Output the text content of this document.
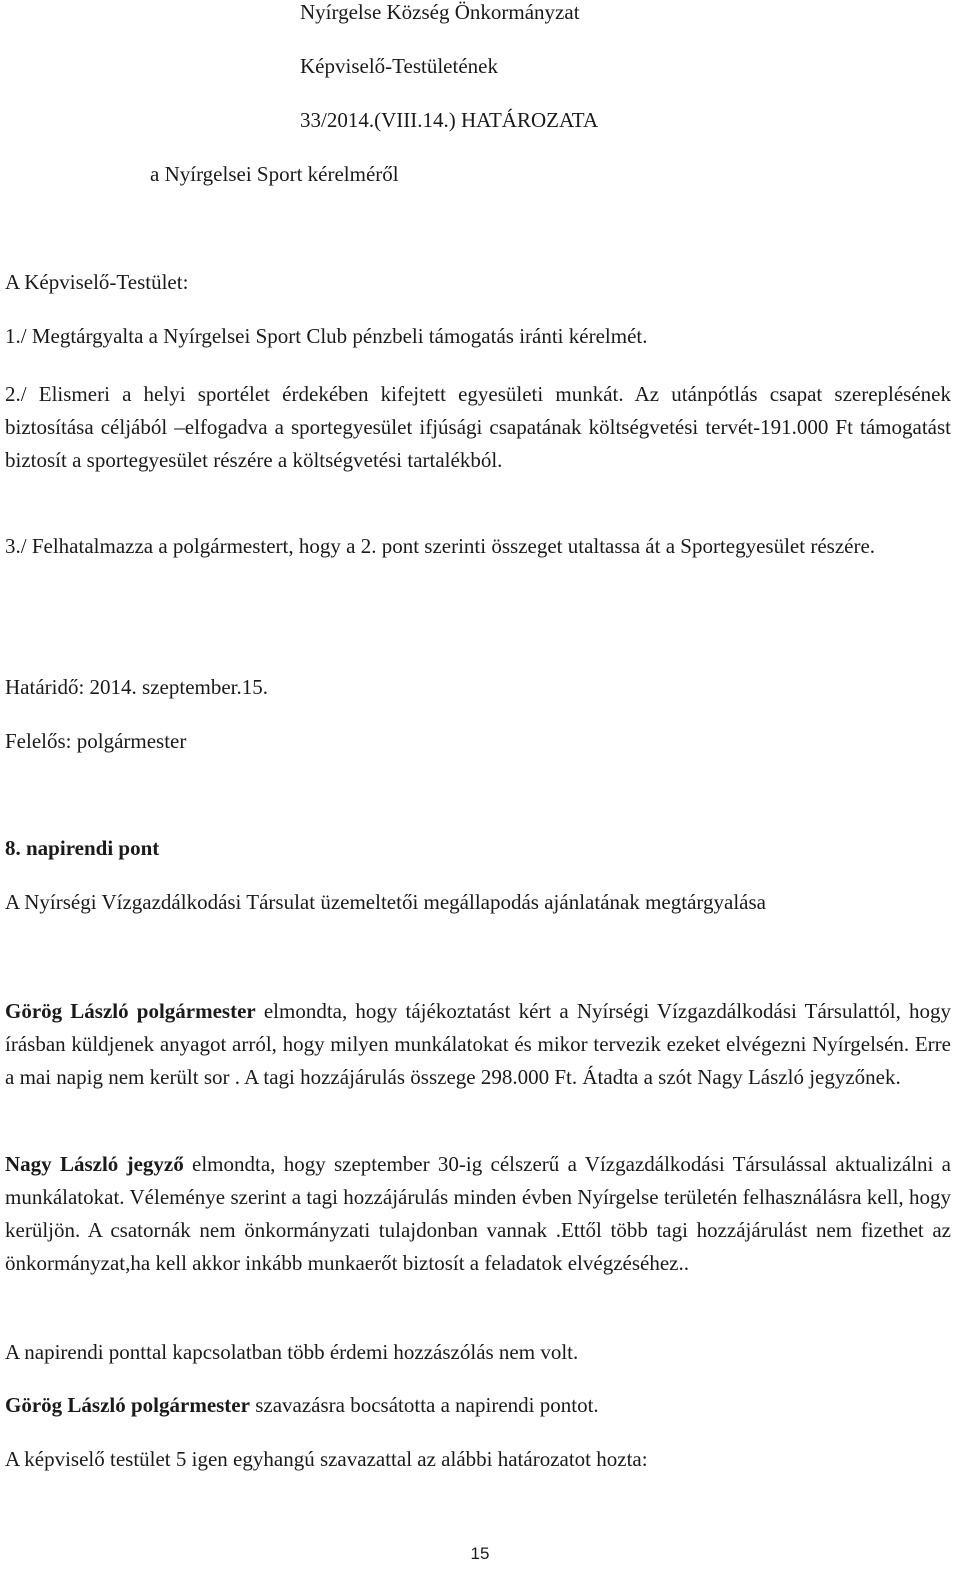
Nyírgelse Község Önkormányzat
Képviselő-Testületének
33/2014.(VIII.14.) HATÁROZATA
a Nyírgelsei Sport kérelméről
A Képviselő-Testület:
1./ Megtárgyalta a Nyírgelsei Sport Club pénzbeli támogatás iránti kérelmét.
2./ Elismeri a helyi sportélet érdekében kifejtett egyesületi munkát. Az utánpótlás csapat szereplésének biztosítása céljából –elfogadva a sportegyesület ifjúsági csapatának költségvetési tervét-191.000 Ft támogatást biztosít a sportegyesület részére a költségvetési tartalékból.
3./ Felhatalmazza a polgármestert, hogy a 2. pont szerinti összeget utaltassa át a Sportegyesület részére.
Határidő: 2014. szeptember.15.
Felelős: polgármester
8. napirendi pont
A Nyírségi Vízgazdálkodási Társulat üzemeltetői megállapodás ajánlatának megtárgyalása
Görög László polgármester elmondta, hogy tájékoztatást kért a Nyírségi Vízgazdálkodási Társulattól, hogy írásban küldjenek anyagot arról, hogy milyen munkálatokat és mikor tervezik ezeket elvégezni Nyírgelsén. Erre a mai napig nem került sor . A tagi hozzájárulás összege 298.000 Ft. Átadta a szót Nagy László jegyzőnek.
Nagy László jegyző elmondta, hogy szeptember 30-ig célszerű a Vízgazdálkodási Társulással aktualizálni a munkálatokat. Véleménye szerint a tagi hozzájárulás minden évben Nyírgelse területén felhasználásra kell, hogy kerüljön. A csatornák nem önkormányzati tulajdonban vannak .Ettől több tagi hozzájárulást nem fizethet az önkormányzat,ha kell akkor inkább munkaerőt biztosít a feladatok elvégzéséhez..
A napirendi ponttal kapcsolatban több érdemi hozzászólás nem volt.
Görög László polgármester szavazásra bocsátotta a napirendi pontot.
A képviselő testület 5 igen egyhangú szavazattal az alábbi határozatot hozta:
15
